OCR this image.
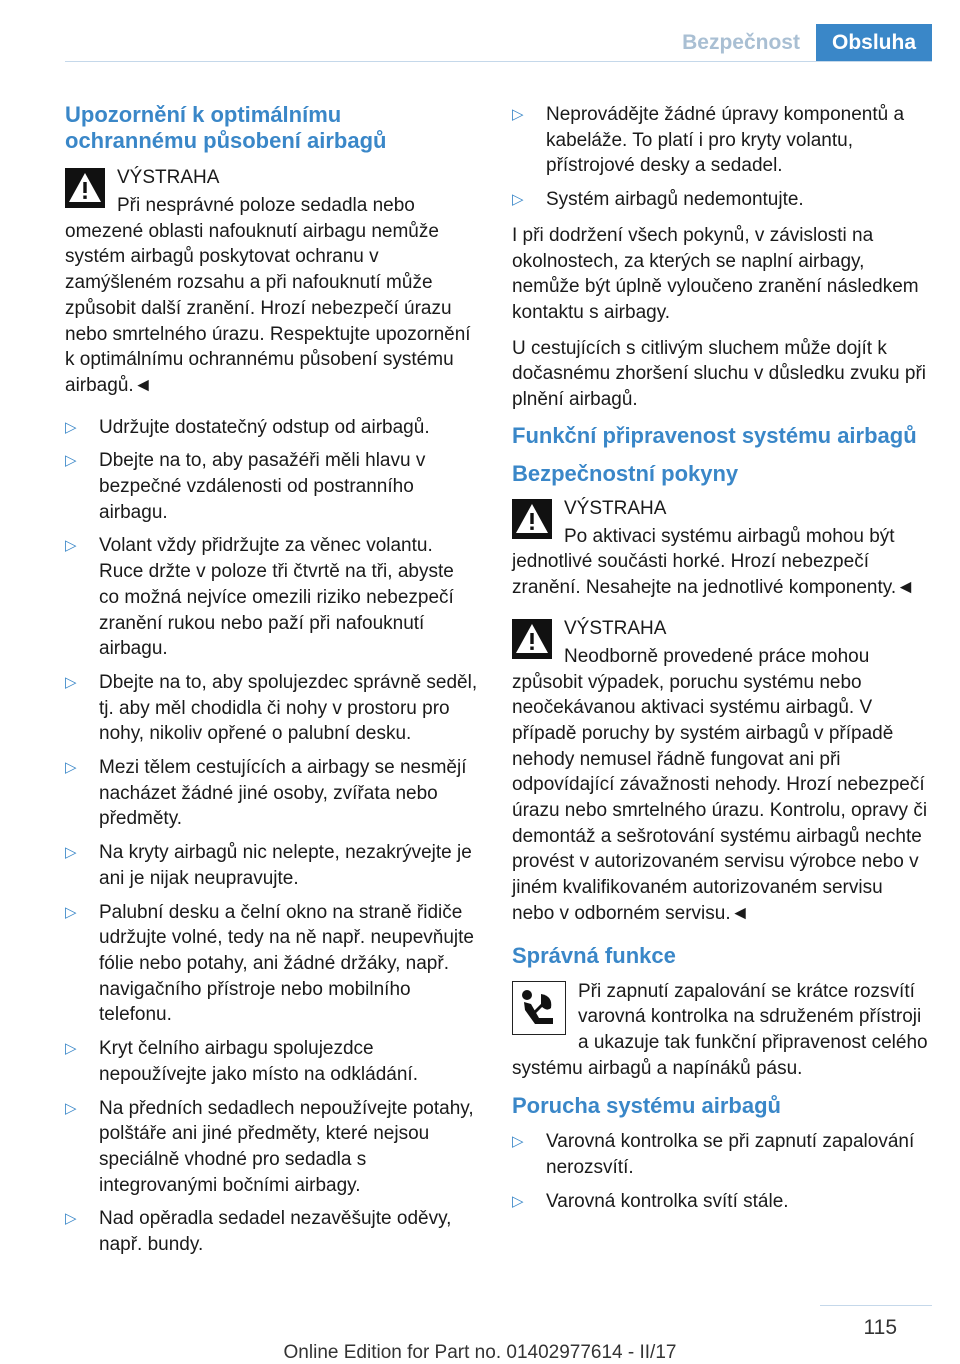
Bezpečnost	Obsluha
Upozornění k optimálnímu ochrannému působení airbagů
VÝSTRAHA
Při nesprávné poloze sedadla nebo omezené oblasti nafouknutí airbagu nemůže systém airbagů poskytovat ochranu v zamýšleném rozsahu a při nafouknutí může způsobit další zranění. Hrozí nebezpečí úrazu nebo smrtelného úrazu. Respektujte upozornění k optimálnímu ochrannému působení systému airbagů.◄
▷ Udržujte dostatečný odstup od airbagů.
▷ Dbejte na to, aby pasažéři měli hlavu v bezpečné vzdálenosti od postranního airbagu.
▷ Volant vždy přidržujte za věnec volantu. Ruce držte v poloze tři čtvrtě na tři, abyste co možná nejvíce omezili riziko nebezpečí zranění rukou nebo paží při nafouknutí airbagu.
▷ Dbejte na to, aby spolujezdec správně seděl, tj. aby měl chodidla či nohy v prostoru pro nohy, nikoliv opřené o palubní desku.
▷ Mezi tělem cestujících a airbagy se nesmějí nacházet žádné jiné osoby, zvířata nebo předměty.
▷ Na kryty airbagů nic nelepte, nezakrývejte je ani je nijak neupravujte.
▷ Palubní desku a čelní okno na straně řidiče udržujte volné, tedy na ně např. neupevňujte fólie nebo potahy, ani žádné držáky, např. navigačního přístroje nebo mobilního telefonu.
▷ Kryt čelního airbagu spolujezdce nepoužívejte jako místo na odkládání.
▷ Na předních sedadlech nepoužívejte potahy, polštáře ani jiné předměty, které nejsou speciálně vhodné pro sedadla s integrovanými bočními airbagy.
▷ Nad opěradla sedadel nezavěšujte oděvy, např. bundy.
▷ Neprovádějte žádné úpravy komponentů a kabeláže. To platí i pro kryty volantu, přístrojové desky a sedadel.
▷ Systém airbagů nedemontujte.

I při dodržení všech pokynů, v závislosti na okolnostech, za kterých se naplní airbagy, nemůže být úplně vyloučeno zranění následkem kontaktu s airbagy.

U cestujících s citlivým sluchem může dojít k dočasnému zhoršení sluchu v důsledku zvuku při plnění airbagů.

Funkční připravenost systému airbagů
Bezpečnostní pokyny
VÝSTRAHA
Po aktivaci systému airbagů mohou být jednotlivé součásti horké. Hrozí nebezpečí zranění. Nesahejte na jednotlivé komponenty.◄
VÝSTRAHA
Neodborně provedené práce mohou způsobit výpadek, poruchu systému nebo neočekávanou aktivaci systému airbagů. V případě poruchy by systém airbagů v případě nehody nemusel řádně fungovat ani při odpovídající závažnosti nehody. Hrozí nebezpečí úrazu nebo smrtelného úrazu. Kontrolu, opravy či demontáž a sešrotování systému airbagů nechte provést v autorizovaném servisu výrobce nebo v jiném kvalifikovaném autorizovaném servisu nebo v odborném servisu.◄
Správná funkce
Při zapnutí zapalování se krátce rozsvítí varovná kontrolka na sdruženém přístroji a ukazuje tak funkční připravenost celého systému airbagů a napínáků pásu.
Porucha systému airbagů
▷ Varovná kontrolka se při zapnutí zapalování nerozsvítí.
▷ Varovná kontrolka svítí stále.
115
Online Edition for Part no. 01402977614 - II/17
